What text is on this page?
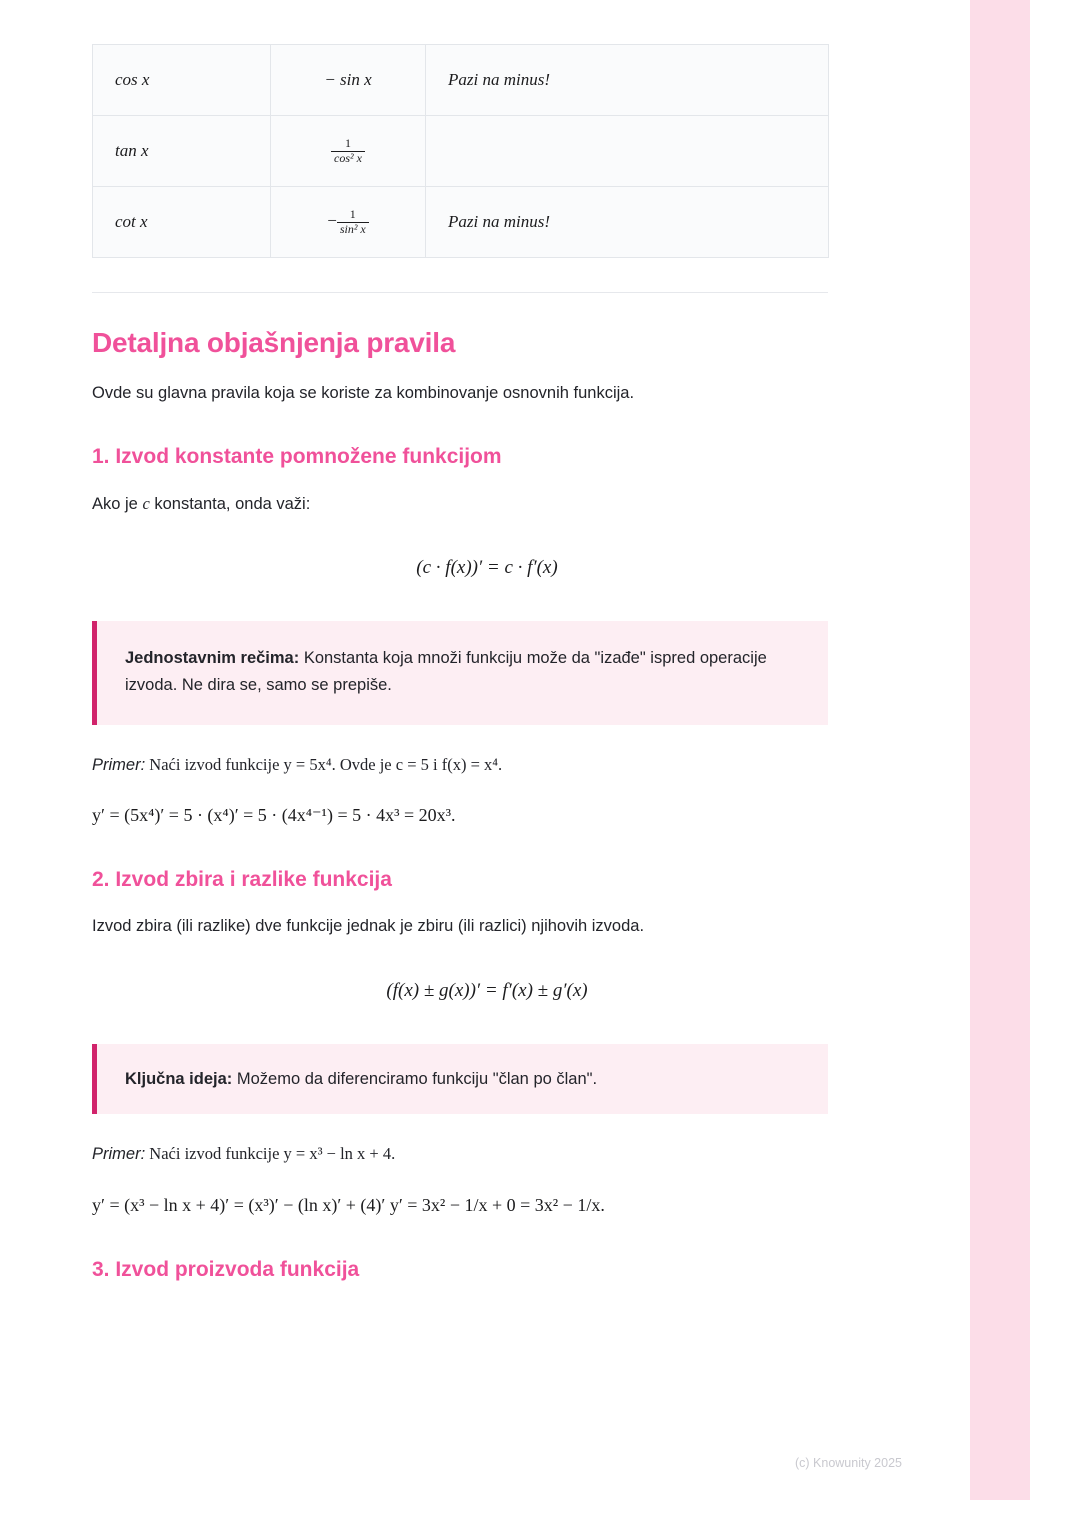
cos x	− sin x	Pazi na minus!
tan x	$\frac{1}{\text{cos² x}}$

cot x	− $\frac{1}{\text{sin² x}}$	Pazi na minus!
Detaljna objašnjenja pravila

Ovde su glavna pravila koja se koriste za kombinovanje osnovnih funkcija.

1. Izvod konstante pomnožene funkcijom

Ako je c konstanta, onda važi:

(c · f(x))′ = c · f′(x)
Jednostavnim rečima: Konstanta koja množi funkciju može da "izađe" ispred operacije izvoda. Ne dira se, samo se prepiše.

Primer: Naći izvod funkcije y = 5x⁴. Ovde je c = 5 i f(x) = x⁴.

y′ = (5x⁴)′ = 5 · (x⁴)′ = 5 · (4x⁴⁻¹) = 5 · 4x³ = 20x³.

2. Izvod zbira i razlike funkcija

Izvod zbira (ili razlike) dve funkcije jednak je zbiru (ili razlici) njihovih izvoda.

(f(x) ± g(x))′ = f′(x) ± g′(x)
Ključna ideja: Možemo da diferenciramo funkciju "član po član".

Primer: Naći izvod funkcije y = x³ − ln x + 4.

y′ = (x³ − ln x + 4)′ = (x³)′ − (ln x)′ + (4)′ y′ = 3x² − 1/x + 0 = 3x² − 1/x.

3. Izvod proizvoda funkcija
(c) Knowunity 2025
